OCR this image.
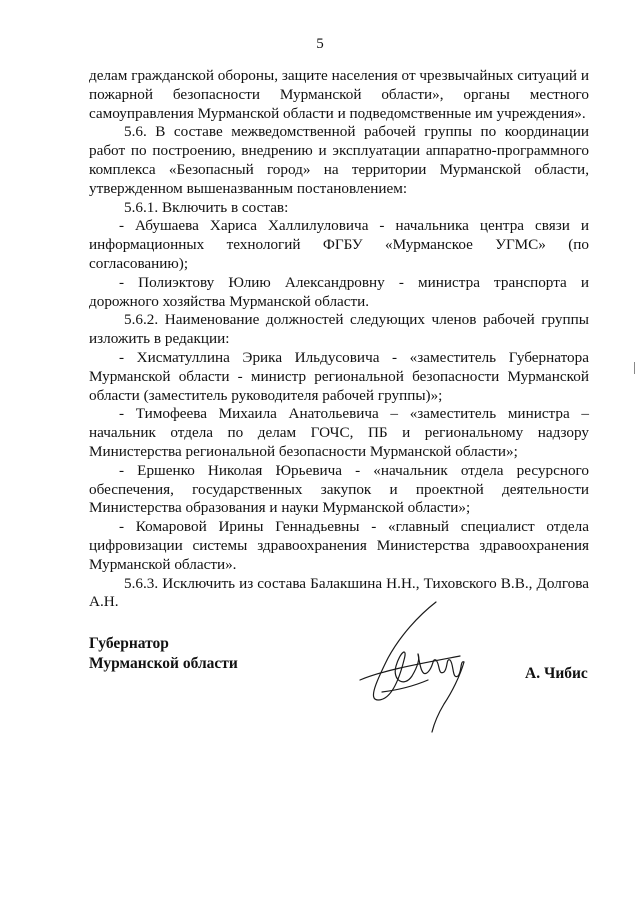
5

делам гражданской обороны, защите населения от чрезвычайных ситуаций и пожарной безопасности Мурманской области», органы местного самоуправления Мурманской области и подведомственные им учреждения».

5.6. В составе межведомственной рабочей группы по координации работ по построению, внедрению и эксплуатации аппаратно-программного комплекса «Безопасный город» на территории Мурманской области, утвержденном вышеназванным постановлением:

5.6.1. Включить в состав:

- Абушаева Хариса Халлилуловича - начальника центра связи и информационных технологий ФГБУ «Мурманское УГМС» (по согласованию);

- Полиэктову Юлию Александровну - министра транспорта и дорожного хозяйства Мурманской области.

5.6.2. Наименование должностей следующих членов рабочей группы изложить в редакции:

- Хисматуллина Эрика Ильдусовича - «заместитель Губернатора Мурманской области - министр региональной безопасности Мурманской области (заместитель руководителя рабочей группы)»;

- Тимофеева Михаила Анатольевича – «заместитель министра – начальник отдела по делам ГОЧС, ПБ и региональному надзору Министерства региональной безопасности Мурманской области»;

- Ершенко Николая Юрьевича - «начальник отдела ресурсного обеспечения, государственных закупок и проектной деятельности Министерства образования и науки Мурманской области»;

- Комаровой Ирины Геннадьевны - «главный специалист отдела цифровизации системы здравоохранения Министерства здравоохранения Мурманской области».

5.6.3. Исключить из состава Балакшина Н.Н., Тиховского В.В., Долгова А.Н.

Губернатор
Мурманской области
А. Чибис
